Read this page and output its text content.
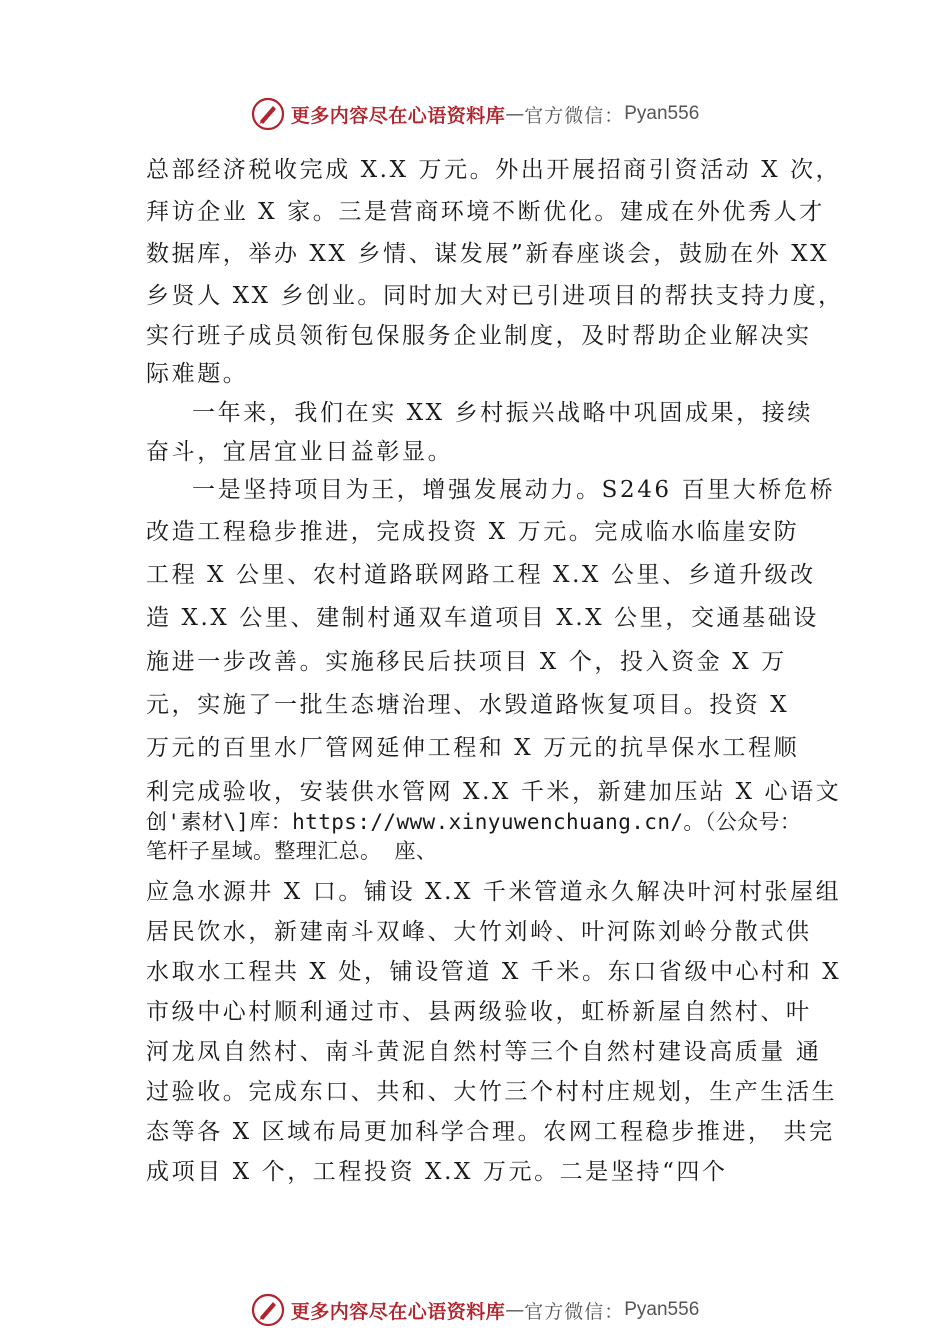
更多内容尽在心语资料库 — 官方微信： Pyan556
总部经济税收完成 X.X 万元。外出开展招商引资活动 X 次，
拜访企业 X 家。三是营商环境不断优化。建成在外优秀人才
数据库，举办 XX 乡情、谋发展”新春座谈会，鼓励在外 XX
乡贤人 XX 乡创业。同时加大对已引进项目的帮扶支持力度，
实行班子成员领衔包保服务企业制度，及时帮助企业解决实
际难题。
一年来，我们在实 XX 乡村振兴战略中巩固成果，接续
奋斗，宜居宜业日益彰显。
一是坚持项目为王，增强发展动力。S246 百里大桥危桥
改造工程稳步推进，完成投资 X 万元。完成临水临崖安防
工程 X 公里、农村道路联网路工程 X.X 公里、乡道升级改
造 X.X 公里、建制村通双车道项目 X.X 公里，交通基础设
施进一步改善。实施移民后扶项目 X 个，投入资金 X 万
元，实施了一批生态塘治理、水毁道路恢复项目。投资 X
万元的百里水厂管网延伸工程和 X 万元的抗旱保水工程顺
利完成验收，安装供水管网 X.X 千米，新建加压站 X 心语文
创'素材\]库：https://www.xinyuwenchuang.cn/。（公众号：
笔杆子星域。整理汇总。 座、
应急水源井 X 口。铺设 X.X 千米管道永久解决叶河村张屋组
居民饮水，新建南斗双峰、大竹刘岭、叶河陈刘岭分散式供
水取水工程共 X 处，铺设管道 X 千米。东口省级中心村和 X
市级中心村顺利通过市、县两级验收，虹桥新屋自然村、叶
河龙凤自然村、南斗黄泥自然村等三个自然村建设高质量 通
过验收。完成东口、共和、大竹三个村村庄规划，生产生活生
态等各 X 区域布局更加科学合理。农网工程稳步推进， 共完
成项目 X 个，工程投资 X.X 万元。二是坚持“四个
更多内容尽在心语资料库 — 官方微信： Pyan556
